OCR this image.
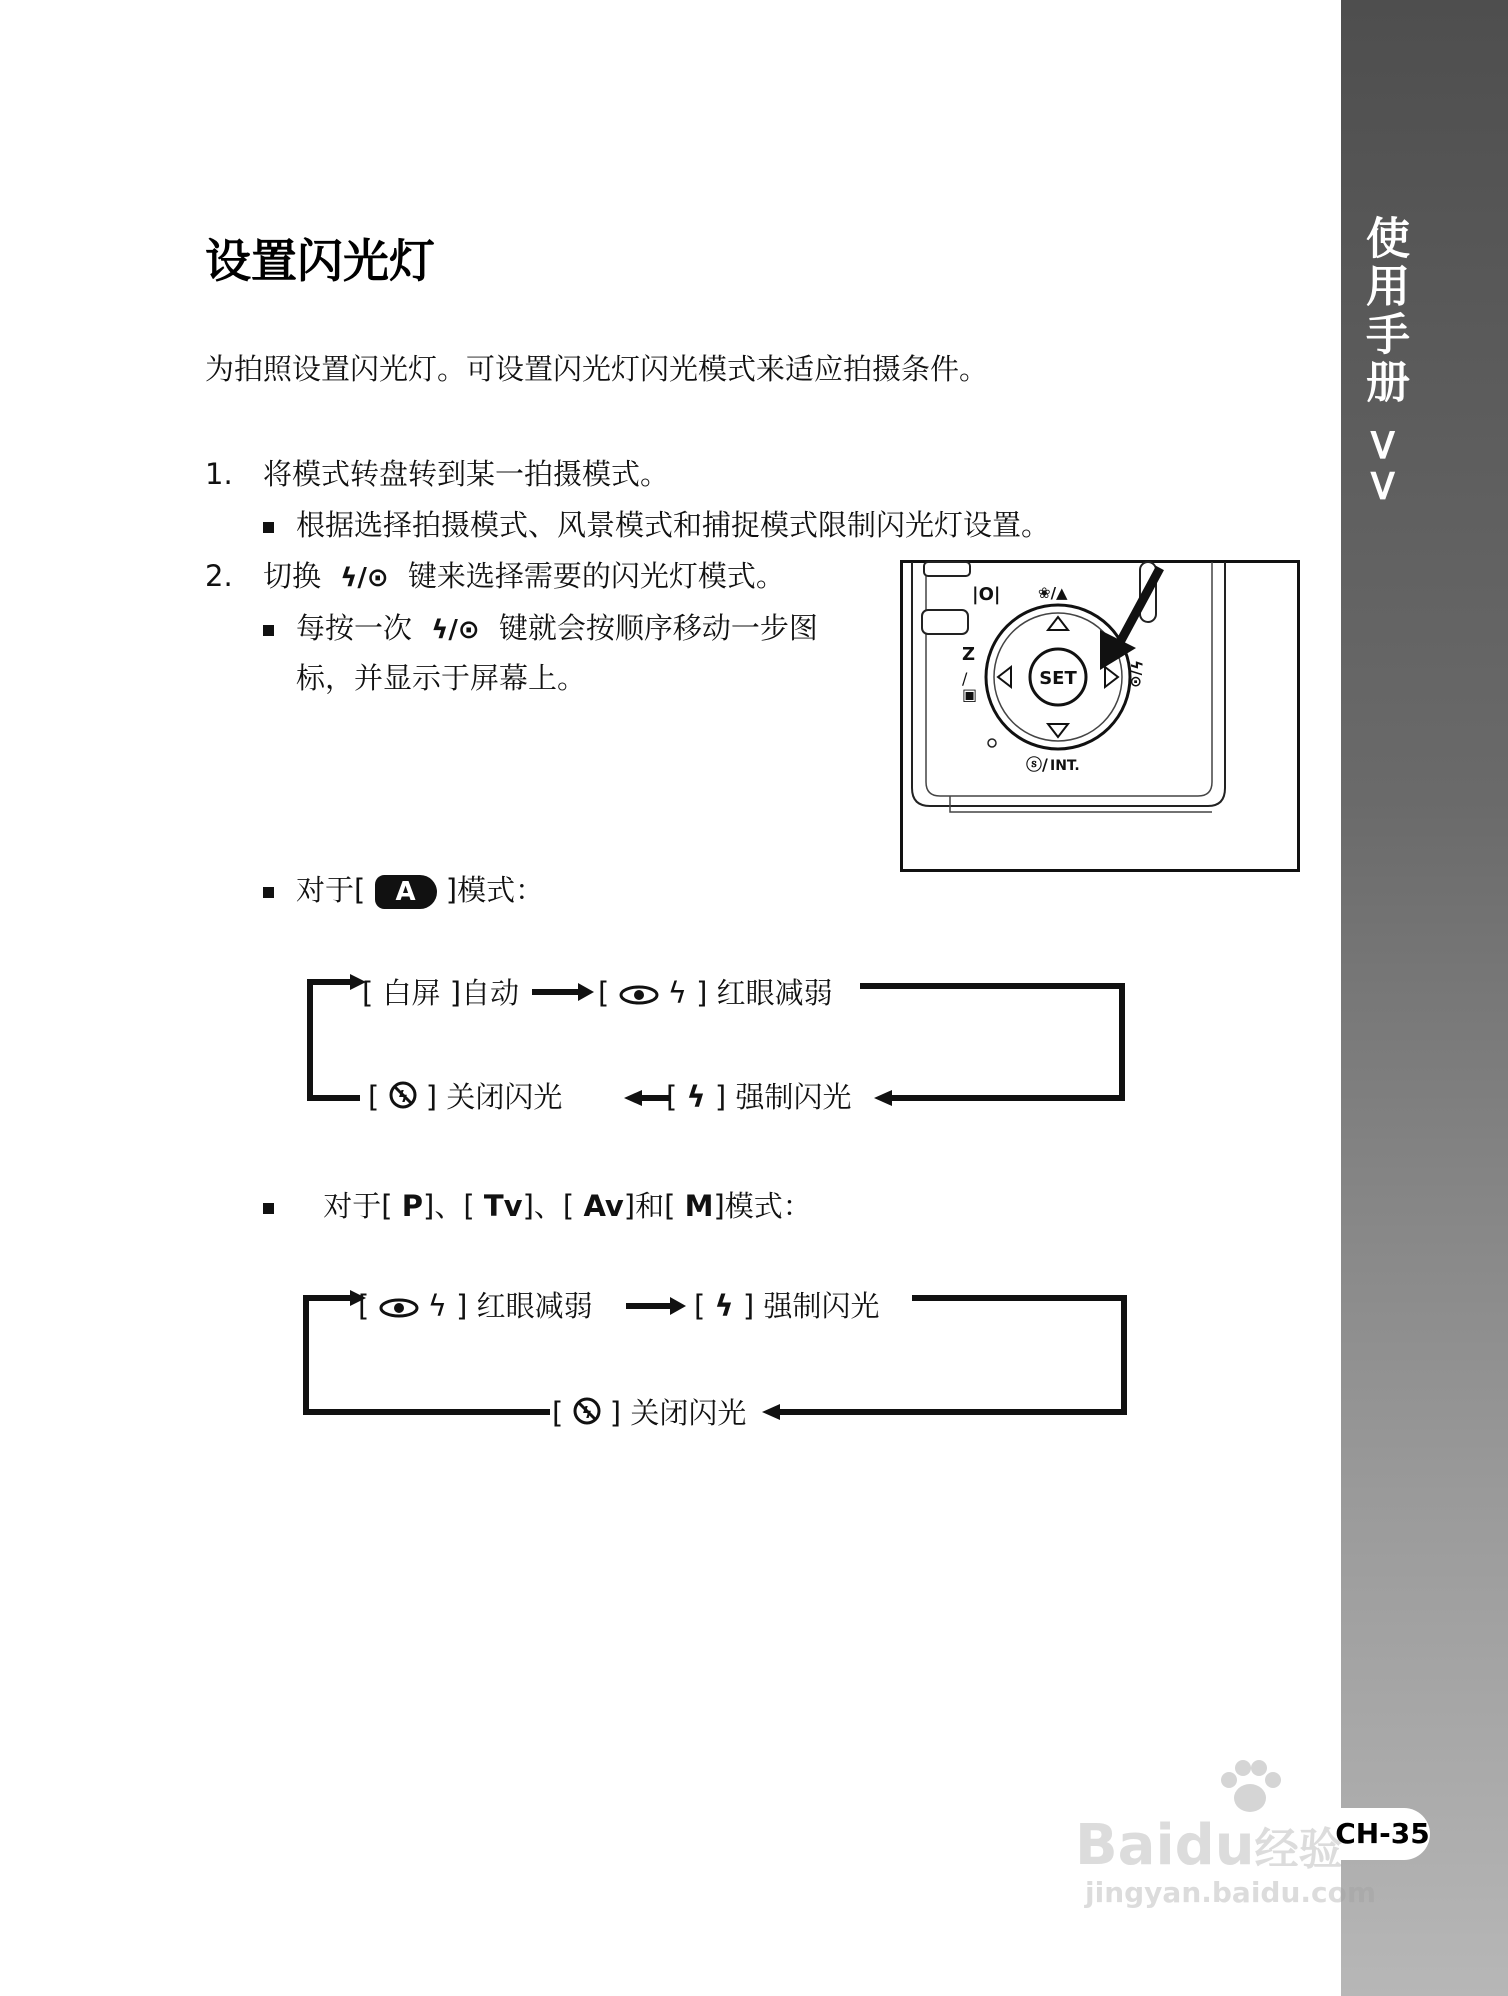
使用手册 >>
CH-35
设置闪光灯
为拍照设置闪光灯。可设置闪光灯闪光模式来适应拍摄条件。
1. 将模式转盘转到某一拍摄模式。
根据选择拍摄模式、风景模式和捕捉模式限制闪光灯设置。
2. 切换 ϟ/⊙ 键来选择需要的闪光灯模式。
每按一次 ϟ/⊙ 键就会按顺序移动一步图
标，并显示于屏幕上。
|O|
Z
/
▣
SET
❀/▲
INT.
ⓢ/
ϟ/⊙
对于[ A ]模式：
[ 白屏 ]自动	[  ϟ ] 红眼减弱
[ ϟ ] 关闭闪光	[ ϟ ] 强制闪光
对于[ P]、[ Tv]、[ Av]和[ M]模式：
[  ϟ ] 红眼减弱	[ ϟ ] 强制闪光
[ ϟ ] 关闭闪光
Baidu经验
jingyan.baidu.com
